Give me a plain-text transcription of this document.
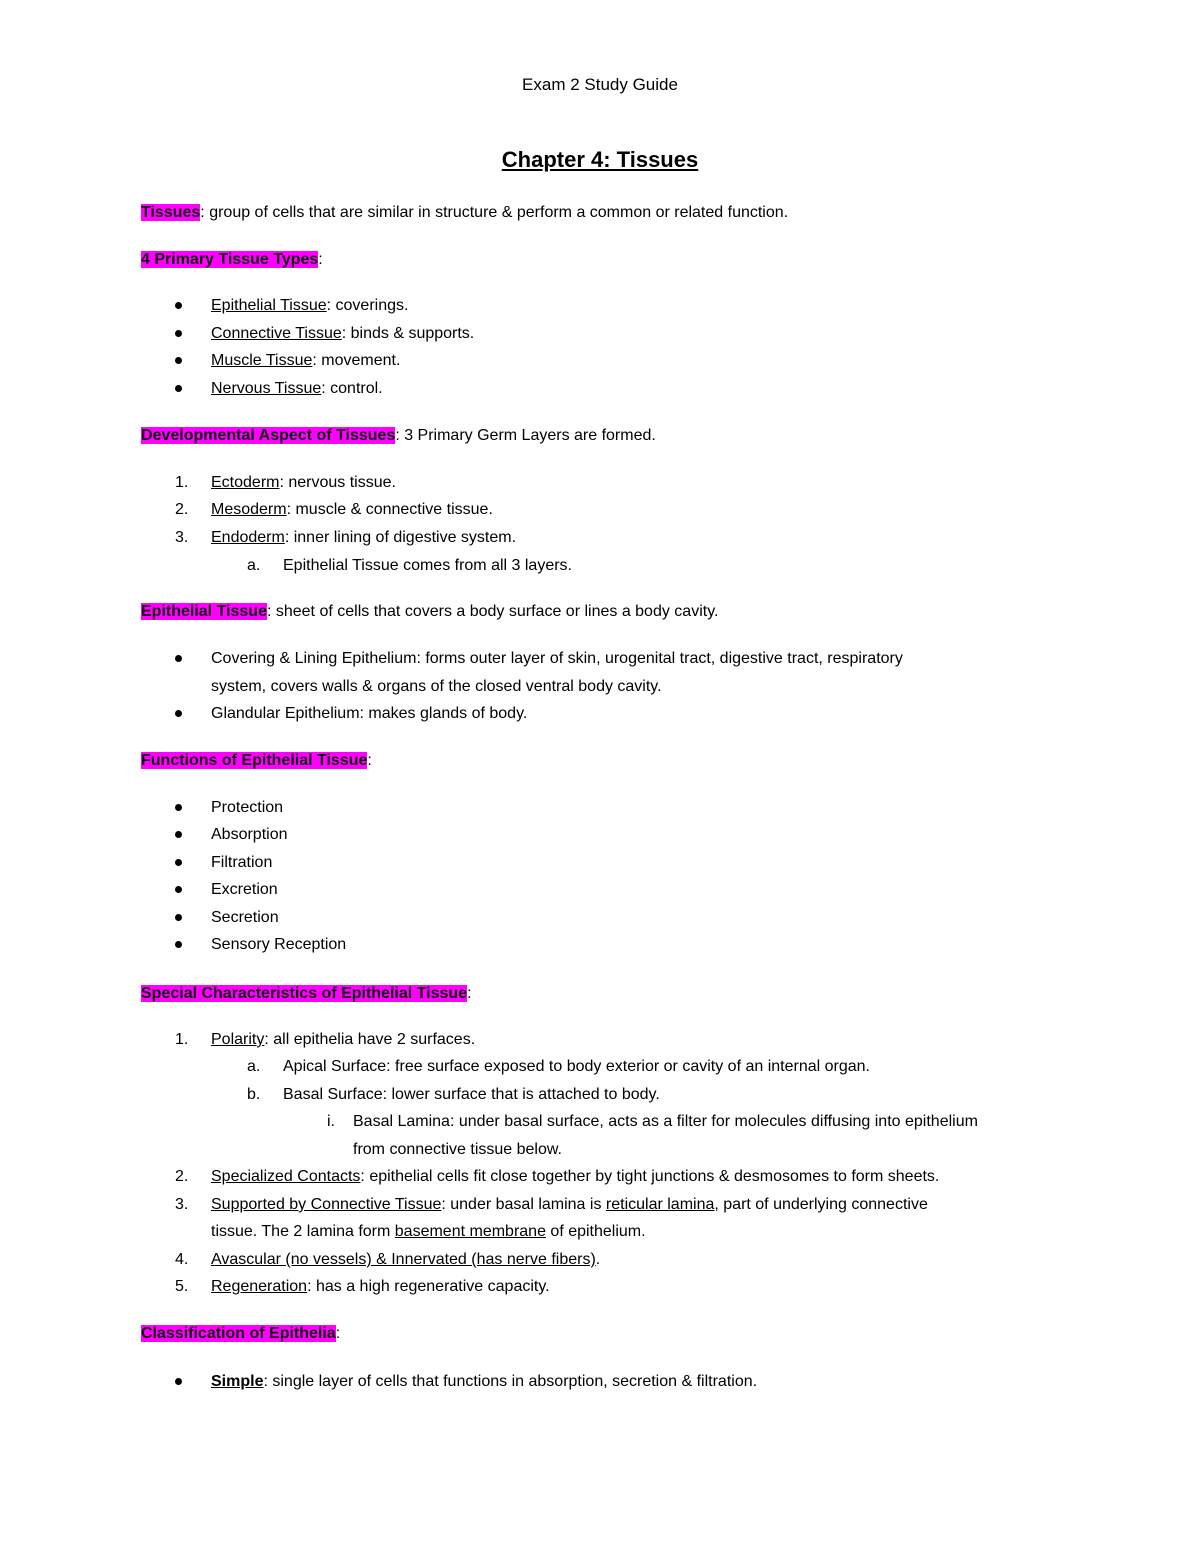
Exam 2 Study Guide
Chapter 4: Tissues
Tissues: group of cells that are similar in structure & perform a common or related function.
4 Primary Tissue Types:
Epithelial Tissue: coverings.
Connective Tissue: binds & supports.
Muscle Tissue: movement.
Nervous Tissue: control.
Developmental Aspect of Tissues: 3 Primary Germ Layers are formed.
1. Ectoderm: nervous tissue.
2. Mesoderm: muscle & connective tissue.
3. Endoderm: inner lining of digestive system.
a. Epithelial Tissue comes from all 3 layers.
Epithelial Tissue: sheet of cells that covers a body surface or lines a body cavity.
Covering & Lining Epithelium: forms outer layer of skin, urogenital tract, digestive tract, respiratory
system, covers walls & organs of the closed ventral body cavity.
Glandular Epithelium: makes glands of body.
Functions of Epithelial Tissue:
Protection
Absorption
Filtration
Excretion
Secretion
Sensory Reception
Special Characteristics of Epithelial Tissue:
1. Polarity: all epithelia have 2 surfaces.
a. Apical Surface: free surface exposed to body exterior or cavity of an internal organ.
b. Basal Surface: lower surface that is attached to body.
i. Basal Lamina: under basal surface, acts as a filter for molecules diffusing into epithelium
from connective tissue below.
2. Specialized Contacts: epithelial cells fit close together by tight junctions & desmosomes to form sheets.
3. Supported by Connective Tissue: under basal lamina is reticular lamina, part of underlying connective
tissue. The 2 lamina form basement membrane of epithelium.
4. Avascular (no vessels) & Innervated (has nerve fibers).
5. Regeneration: has a high regenerative capacity.
Classification of Epithelia:
Simple: single layer of cells that functions in absorption, secretion & filtration.
